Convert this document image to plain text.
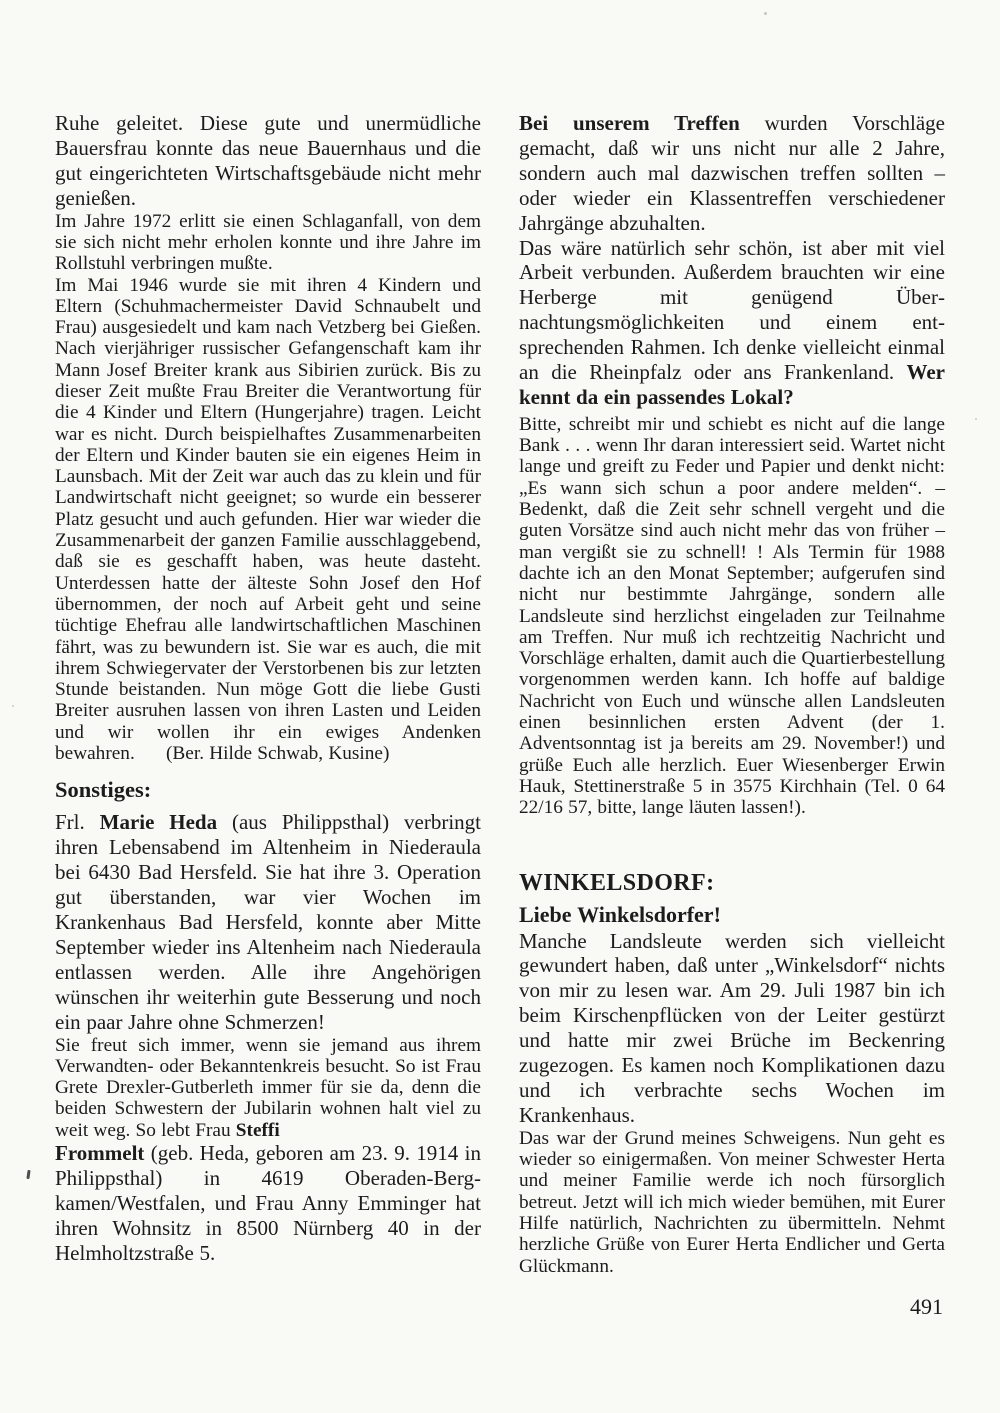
Ruhe geleitet. Diese gute und unermüdliche Bauersfrau konnte das neue Bauernhaus und die gut eingerichteten Wirtschaftsgebäude nicht mehr genießen.

Im Jahre 1972 erlitt sie einen Schlaganfall, von dem sie sich nicht mehr erholen konnte und ihre Jahre im Rollstuhl verbringen mußte.

Im Mai 1946 wurde sie mit ihren 4 Kindern und Eltern (Schuhmachermeister David Schnaubelt und Frau) ausgesiedelt und kam nach Vetzberg bei Gießen. Nach vierjähriger russischer Gefangenschaft kam ihr Mann Josef Breiter krank aus Sibirien zurück. Bis zu dieser Zeit mußte Frau Breiter die Verantwortung für die 4 Kinder und Eltern (Hungerjahre) tragen. Leicht war es nicht. Durch beispielhaftes Zusammenarbeiten der Eltern und Kinder bauten sie ein eigenes Heim in Launsbach. Mit der Zeit war auch das zu klein und für Landwirtschaft nicht geeignet; so wurde ein besserer Platz gesucht und auch gefunden. Hier war wieder die Zusammenarbeit der ganzen Familie ausschlaggebend, daß sie es geschafft haben, was heute dasteht. Unterdessen hatte der älteste Sohn Josef den Hof übernommen, der noch auf Arbeit geht und seine tüchtige Ehefrau alle landwirtschaftlichen Maschinen fährt, was zu bewundern ist. Sie war es auch, die mit ihrem Schwiegervater der Verstorbenen bis zur letzten Stunde beistanden. Nun möge Gott die liebe Gusti Breiter ausruhen lassen von ihren Lasten und Leiden und wir wollen ihr ein ewiges Andenken bewahren.      (Ber. Hilde Schwab, Kusine)

Sonstiges:

Frl. Marie Heda (aus Philippsthal) verbringt ihren Lebensabend im Altenheim in Niederaula bei 6430 Bad Hersfeld. Sie hat ihre 3. Operation gut überstanden, war vier Wochen im Krankenhaus Bad Hersfeld, konnte aber Mitte September wieder ins Altenheim nach Niederaula entlassen werden. Alle ihre Angehörigen wünschen ihr weiterhin gute Besserung und noch ein paar Jahre ohne Schmerzen!

Sie freut sich immer, wenn sie jemand aus ihrem Verwandten- oder Bekanntenkreis besucht. So ist Frau Grete Drexler-Gutberleth immer für sie da, denn die beiden Schwestern der Jubilarin wohnen halt viel zu weit weg. So lebt Frau Steffi

Frommelt (geb. Heda, geboren am 23. 9. 1914 in Philippsthal) in 4619 Oberaden-Bergkamen/Westfalen, und Frau Anny Emminger hat ihren Wohnsitz in 8500 Nürnberg 40 in der Helmholtzstraße 5.

Bei unserem Treffen wurden Vorschläge gemacht, daß wir uns nicht nur alle 2 Jahre, sondern auch mal dazwischen treffen sollten – oder wieder ein Klassentreffen verschiedener Jahrgänge abzuhalten.

Das wäre natürlich sehr schön, ist aber mit viel Arbeit verbunden. Außerdem brauchten wir eine Herberge mit genügend Übernachtungsmöglichkeiten und einem entsprechenden Rahmen. Ich denke vielleicht einmal an die Rheinpfalz oder ans Frankenland. Wer kennt da ein passendes Lokal?

Bitte, schreibt mir und schiebt es nicht auf die lange Bank . . . wenn Ihr daran interessiert seid. Wartet nicht lange und greift zu Feder und Papier und denkt nicht: „Es wann sich schun a poor andere melden“. – Bedenkt, daß die Zeit sehr schnell vergeht und die guten Vorsätze sind auch nicht mehr das von früher – man vergißt sie zu schnell! ! Als Termin für 1988 dachte ich an den Monat September; aufgerufen sind nicht nur bestimmte Jahrgänge, sondern alle Landsleute sind herzlichst eingeladen zur Teilnahme am Treffen. Nur muß ich rechtzeitig Nachricht und Vorschläge erhalten, damit auch die Quartierbestellung vorgenommen werden kann. Ich hoffe auf baldige Nachricht von Euch und wünsche allen Landsleuten einen besinnlichen ersten Advent (der 1. Adventsonntag ist ja bereits am 29. November!) und grüße Euch alle herzlich. Euer Wiesenberger Erwin Hauk, Stettinerstraße 5 in 3575 Kirchhain (Tel. 0 64 22/16 57, bitte, lange läuten lassen!).

WINKELSDORF:

Liebe Winkelsdorfer!

Manche Landsleute werden sich vielleicht gewundert haben, daß unter „Winkelsdorf“ nichts von mir zu lesen war. Am 29. Juli 1987 bin ich beim Kirschenpflücken von der Leiter gestürzt und hatte mir zwei Brüche im Beckenring zugezogen. Es kamen noch Komplikationen dazu und ich verbrachte sechs Wochen im Krankenhaus.

Das war der Grund meines Schweigens. Nun geht es wieder so einigermaßen. Von meiner Schwester Herta und meiner Familie werde ich noch fürsorglich betreut. Jetzt will ich mich wieder bemühen, mit Eurer Hilfe natürlich, Nachrichten zu übermitteln. Nehmt herzliche Grüße von Eurer Herta Endlicher und Gerta Glückmann.

491
